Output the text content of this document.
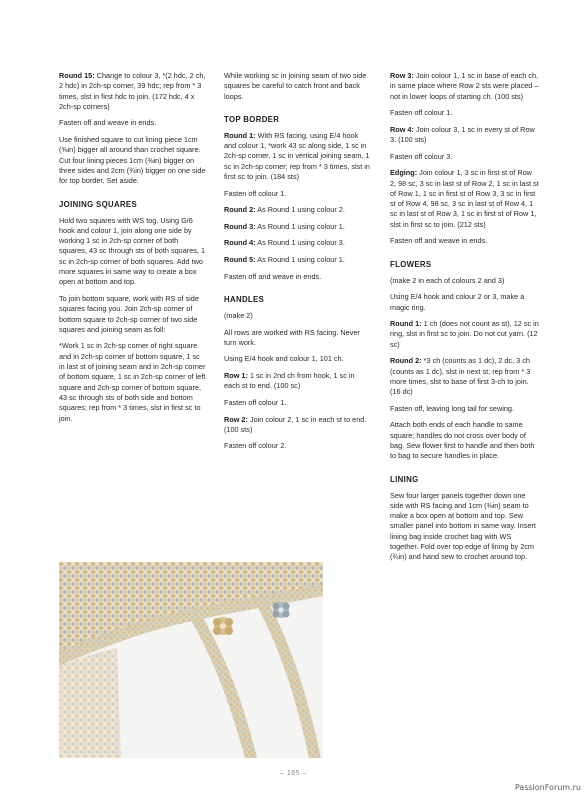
Round 15: Change to colour 3, *(2 hdc, 2 ch, 2 hdc) in 2ch-sp corner, 39 hdc; rep from * 3 times, slst in first hdc to join. (172 hdc, 4 x 2ch-sp corners)

Fasten off and weave in ends.

Use finished square to cut lining piece 1cm (⅜in) bigger all around than crochet square. Cut four lining pieces 1cm (⅜in) bigger on three sides and 2cm (¾in) bigger on one side for top border. Set aside.

JOINING SQUARES

Hold two squares with WS tog. Using G/6 hook and colour 1, join along one side by working 1 sc in 2ch-sp corner of both squares, 43 sc through sts of both squares, 1 sc in 2ch-sp corner of both squares. Add two more squares in same way to create a box open at bottom and top.

To join bottom square, work with RS of side squares facing you. Join 2ch-sp corner of bottom square to 2ch-sp corner of two side squares and joining seam as foll:

*Work 1 sc in 2ch-sp corner of right square and in 2ch-sp corner of bottom square, 1 sc in last st of joining seam and in 2ch-sp corner of bottom square, 1 sc in 2ch-sp corner of left square and 2ch-sp corner of bottom square, 43 sc through sts of both side and bottom squares; rep from * 3 times, slst in first sc to join.

While working sc in joining seam of two side squares be careful to catch front and back loops.

TOP BORDER

Round 1: With RS facing, using E/4 hook and colour 1, *work 43 sc along side, 1 sc in 2ch-sp corner, 1 sc in vertical joining seam, 1 sc in 2ch-sp corner; rep from * 3 times, slst in first sc to join. (184 sts)

Fasten off colour 1.

Round 2: As Round 1 using colour 2.

Round 3: As Round 1 using colour 1.

Round 4: As Round 1 using colour 3.

Round 5: As Round 1 using colour 1.

Fasten off and weave in ends.

HANDLES

(make 2)

All rows are worked with RS facing. Never turn work.

Using E/4 hook and colour 1, 101 ch.

Row 1: 1 sc in 2nd ch from hook, 1 sc in each st to end. (100 sc)

Fasten off colour 1.

Row 2: Join colour 2, 1 sc in each st to end. (100 sts)

Fasten off colour 2.

Row 3: Join colour 1, 1 sc in base of each ch, in same place where Row 2 sts were placed – not in lower loops of starting ch. (100 sts)

Fasten off colour 1.

Row 4: Join colour 3, 1 sc in every st of Row 3. (100 sts)

Fasten off colour 3.

Edging: Join colour 1, 3 sc in first st of Row 2, 98 sc, 3 sc in last st of Row 2, 1 sc in last st of Row 1, 1 sc in first st of Row 3, 3 sc in first st of Row 4, 98 sc, 3 sc in last st of Row 4, 1 sc in last st of Row 3, 1 sc in first st of Row 1, slst in first sc to join. (212 sts)

Fasten off and weave in ends.

FLOWERS

(make 2 in each of colours 2 and 3)

Using E/4 hook and colour 2 or 3, make a magic ring.

Round 1: 1 ch (does not count as st), 12 sc in ring, slst in first sc to join. Do not cut yarn. (12 sc)

Round 2: *3 ch (counts as 1 dc), 2 dc, 3 ch (counts as 1 dc), slst in next st; rep from * 3 more times, slst to base of first 3-ch to join. (16 dc)

Fasten off, leaving long tail for sewing.

Attach both ends of each handle to same square; handles do not cross over body of bag. Sew flower first to handle and then both to bag to secure handles in place.

LINING

Sew four larger panels together down one side with RS facing and 1cm (⅜in) seam to make a box open at bottom and top. Sew smaller panel into bottom in same way. Insert lining bag inside crochet bag with WS together. Fold over top edge of lining by 2cm (¾in) and hand sew to crochet around top.

– 165 –
PassionForum.ru
